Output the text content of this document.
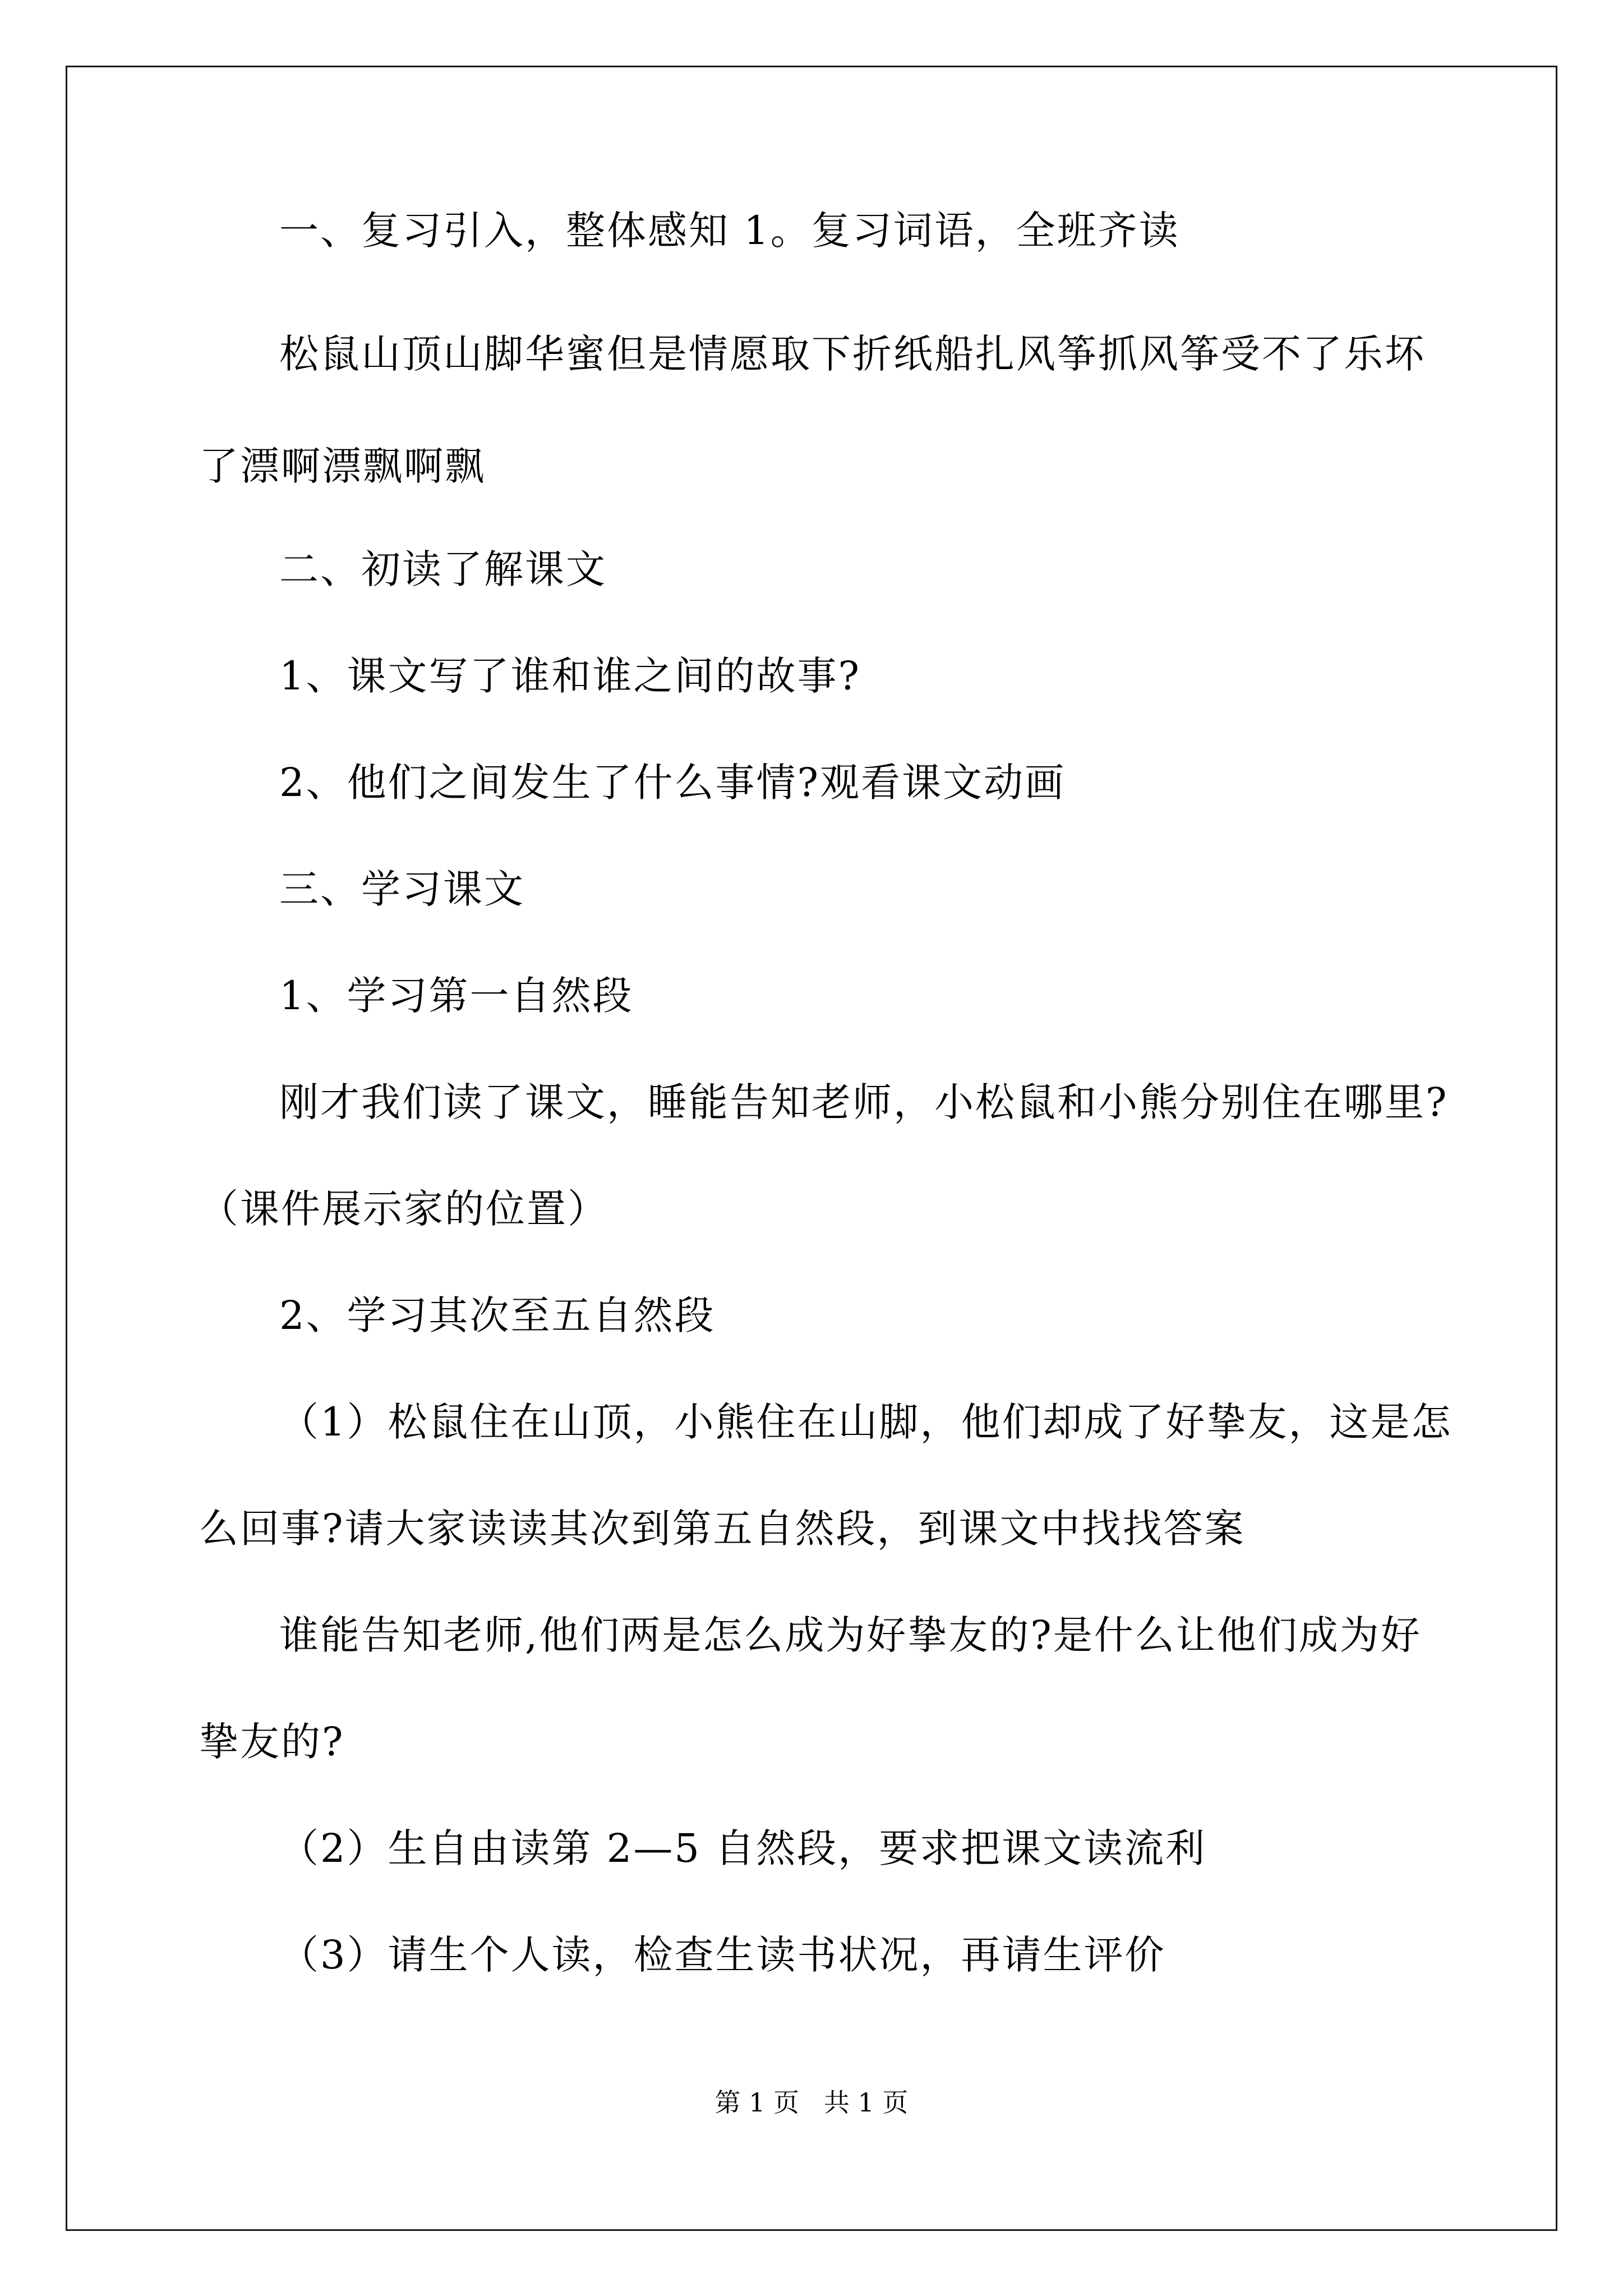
一、复习引入，整体感知 1。复习词语，全班齐读
松鼠山顶山脚华蜜但是情愿取下折纸船扎风筝抓风筝受不了乐坏
了漂啊漂飘啊飘
二、初读了解课文
1、课文写了谁和谁之间的故事?
2、他们之间发生了什么事情?观看课文动画
三、学习课文
1、学习第一自然段
刚才我们读了课文，睡能告知老师，小松鼠和小熊分别住在哪里?
（课件展示家的位置）
2、学习其次至五自然段
（1）松鼠住在山顶，小熊住在山脚，他们却成了好挚友，这是怎
么回事?请大家读读其次到第五自然段，到课文中找找答案
谁能告知老师,他们两是怎么成为好挚友的?是什么让他们成为好
挚友的?
（2）生自由读第 2—5 自然段，要求把课文读流利
（3）请生个人读，检查生读书状况，再请生评价
第 1 页   共 1 页
